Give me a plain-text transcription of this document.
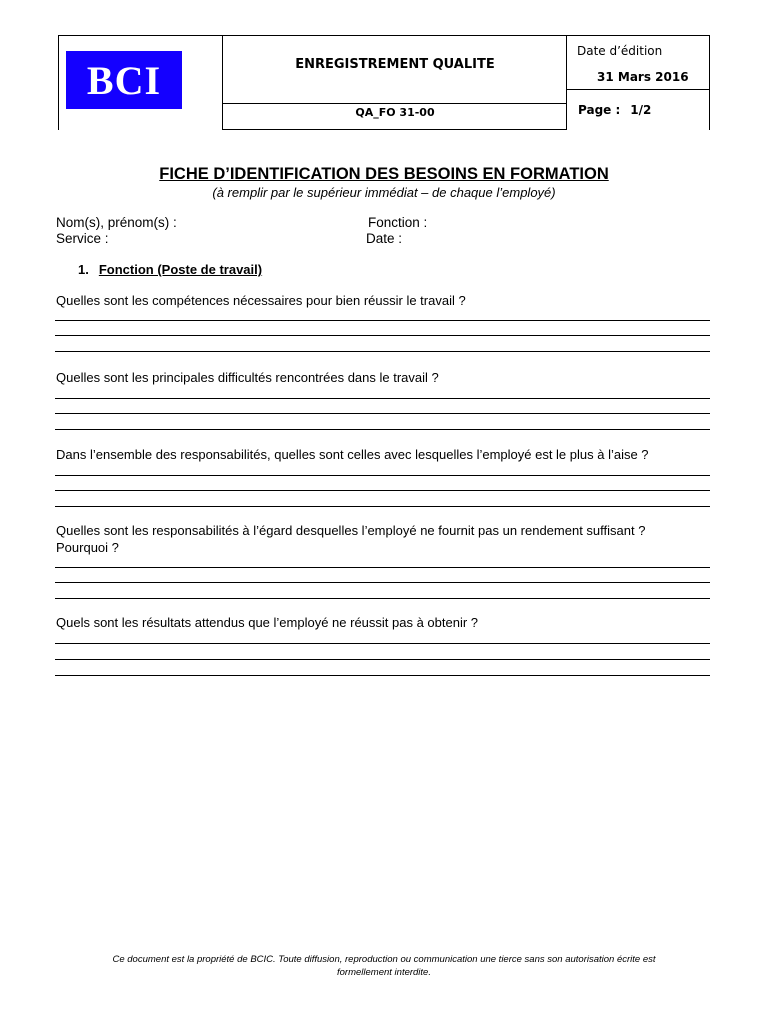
BCI	ENREGISTREMENT QUALITE
QA_FO 31-00
Date d’édition
31 Mars 2016
Page : 1/2
FICHE D’IDENTIFICATION DES BESOINS EN FORMATION
(à remplir par le supérieur immédiat – de chaque l’employé)
Nom(s), prénom(s) :	Fonction :
Service :	Date :
1. Fonction (Poste de travail)
Quelles sont les compétences nécessaires pour bien réussir le travail ?
Quelles sont les principales difficultés rencontrées dans le travail ?
Dans l’ensemble des responsabilités, quelles sont celles avec lesquelles l’employé est le plus à l’aise ?
Quelles sont les responsabilités à l’égard desquelles l’employé ne fournit pas un rendement suffisant ?
Pourquoi ?
Quels sont les résultats attendus que l’employé ne réussit pas à obtenir ?
Ce document est la propriété de BCIC. Toute diffusion, reproduction ou communication une tierce sans son autorisation écrite est
formellement interdite.
